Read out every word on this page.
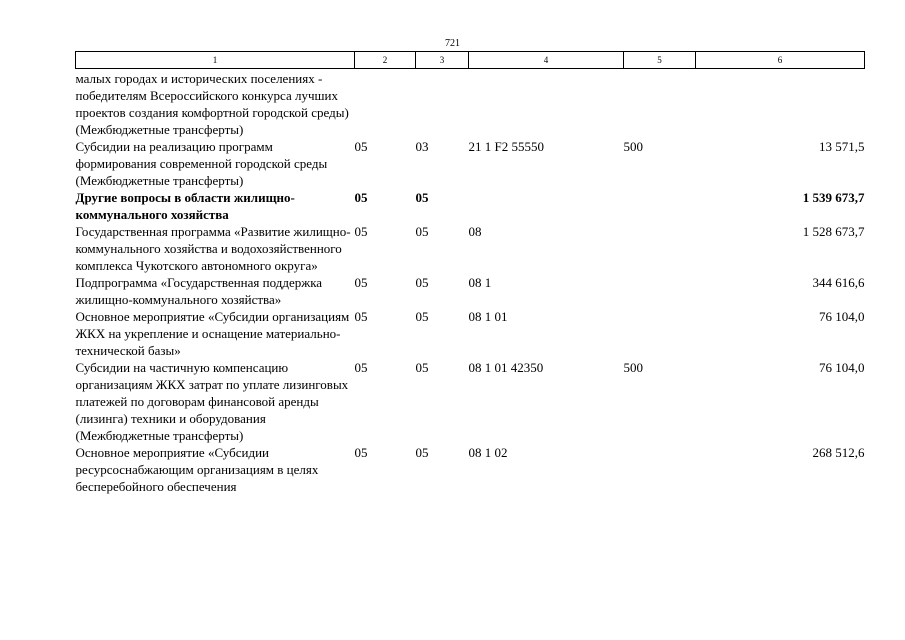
721
1	2	3	4	5	6
малых городах и исторических поселениях - победителям Всероссийского конкурса лучших проектов создания комфортной городской среды) (Межбюджетные трансферты)					
Субсидии на реализацию программ формирования современной городской среды (Межбюджетные трансферты)	05	03	21 1 F2 55550	500	13 571,5
Другие вопросы в области жилищно-коммунального хозяйства	05	05			1 539 673,7
Государственная программа «Развитие жилищно-коммунального хозяйства и водохозяйственного комплекса Чукотского автономного округа»	05	05	08		1 528 673,7
Подпрограмма «Государственная поддержка жилищно-коммунального хозяйства»	05	05	08 1		344 616,6
Основное мероприятие «Субсидии организациям ЖКХ на укрепление и оснащение материально-технической базы»	05	05	08 1 01		76 104,0
Субсидии на частичную компенсацию организациям ЖКХ затрат по уплате лизинговых платежей по договорам финансовой аренды (лизинга) техники и оборудования (Межбюджетные трансферты)	05	05	08 1 01 42350	500	76 104,0
Основное мероприятие «Субсидии ресурсоснабжающим организациям в целях бесперебойного обеспечения	05	05	08 1 02		268 512,6
